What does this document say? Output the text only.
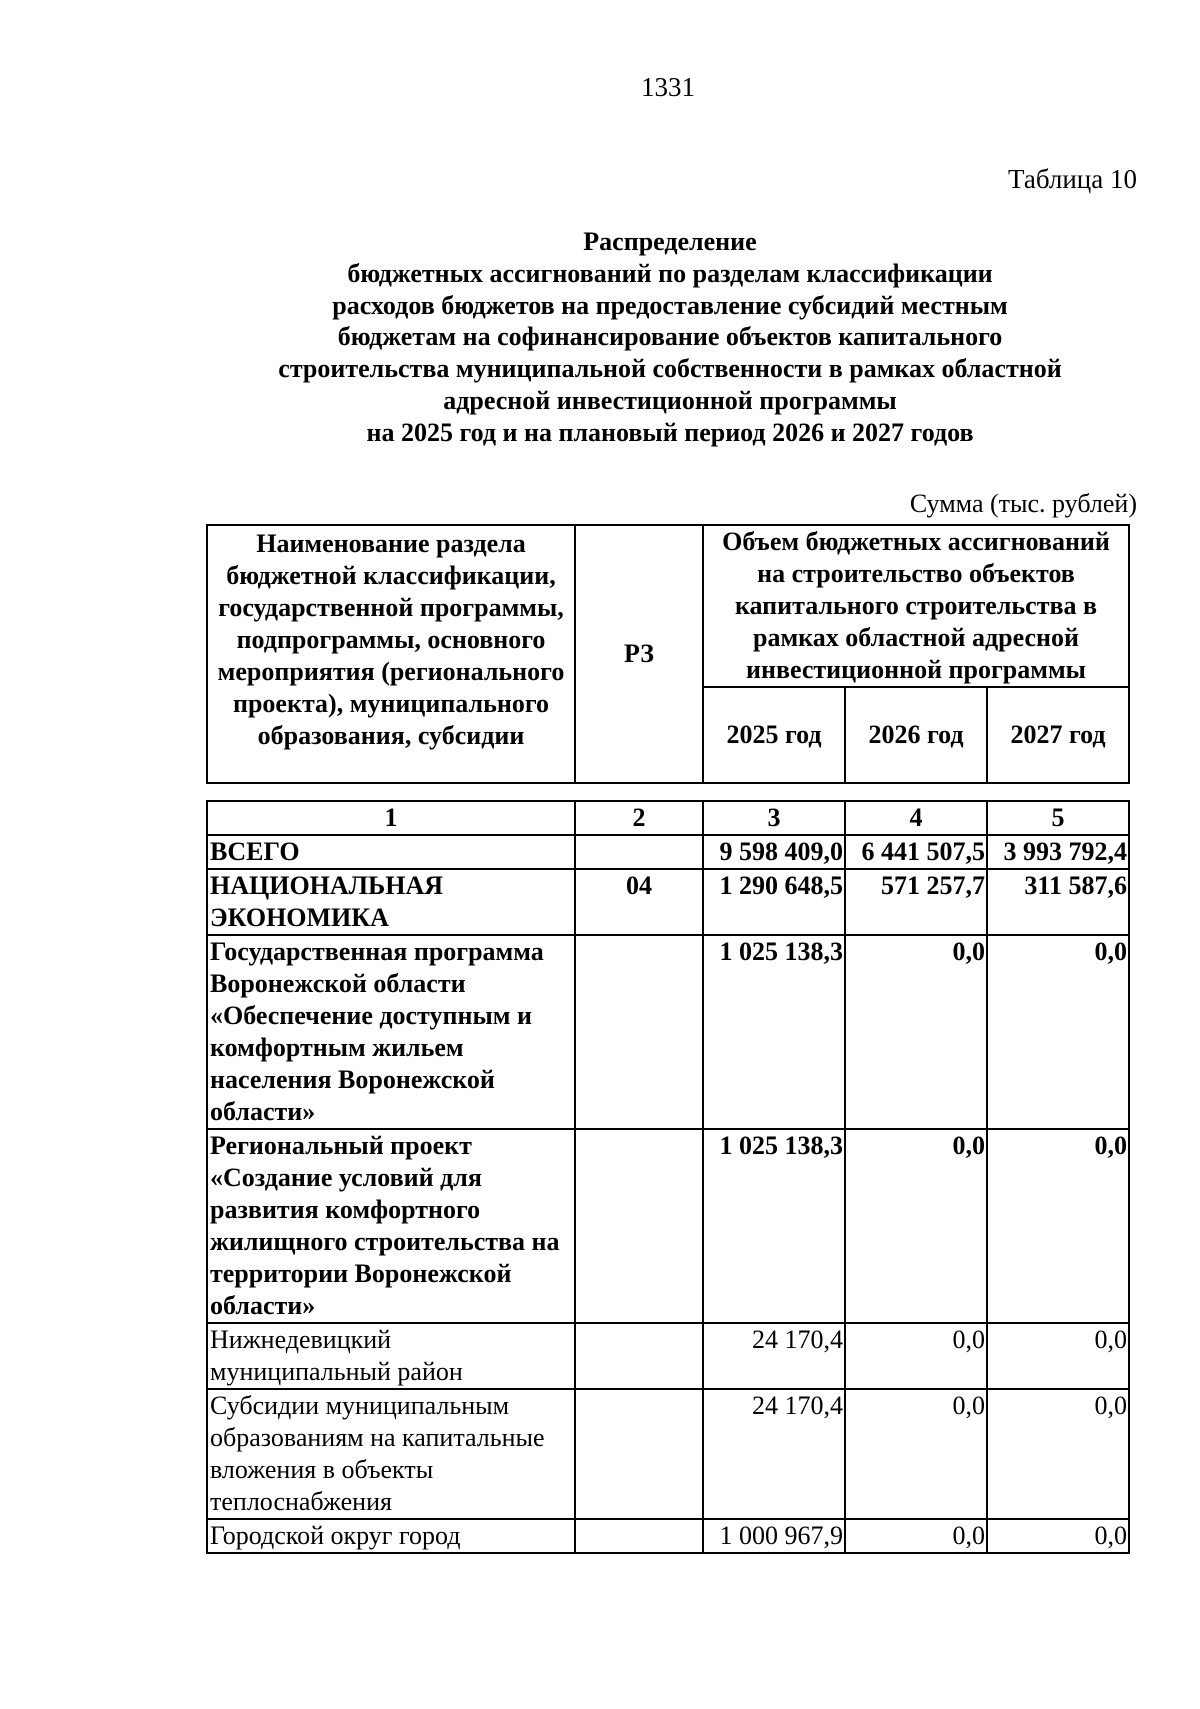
1331
Таблица 10
Распределение
бюджетных ассигнований по разделам классификации
расходов бюджетов на предоставление субсидий местным
бюджетам на софинансирование объектов капитального
строительства муниципальной собственности в рамках областной
адресной инвестиционной программы
на 2025 год и на плановый период 2026 и 2027 годов
Сумма (тыс. рублей)
Наименование раздела бюджетной классификации, государственной программы, подпрограммы, основного мероприятия (регионального проекта), муниципального образования, субсидии	РЗ	Объем бюджетных ассигнований на строительство объектов капитального строительства в рамках областной адресной инвестиционной программы		
		2025 год	2026 год	2027 год
1	2	3	4	5
ВСЕГО		9 598 409,0	6 441 507,5	3 993 792,4
НАЦИОНАЛЬНАЯ ЭКОНОМИКА	04	1 290 648,5	571 257,7	311 587,6
Государственная программа Воронежской области «Обеспечение доступным и комфортным жильем населения Воронежской области»		1 025 138,3	0,0	0,0
Региональный проект «Создание условий для развития комфортного жилищного строительства на территории Воронежской области»		1 025 138,3	0,0	0,0
Нижнедевицкий муниципальный район		24 170,4	0,0	0,0
Субсидии муниципальным образованиям на капитальные вложения в объекты теплоснабжения		24 170,4	0,0	0,0
Городской округ город		1 000 967,9	0,0	0,0
